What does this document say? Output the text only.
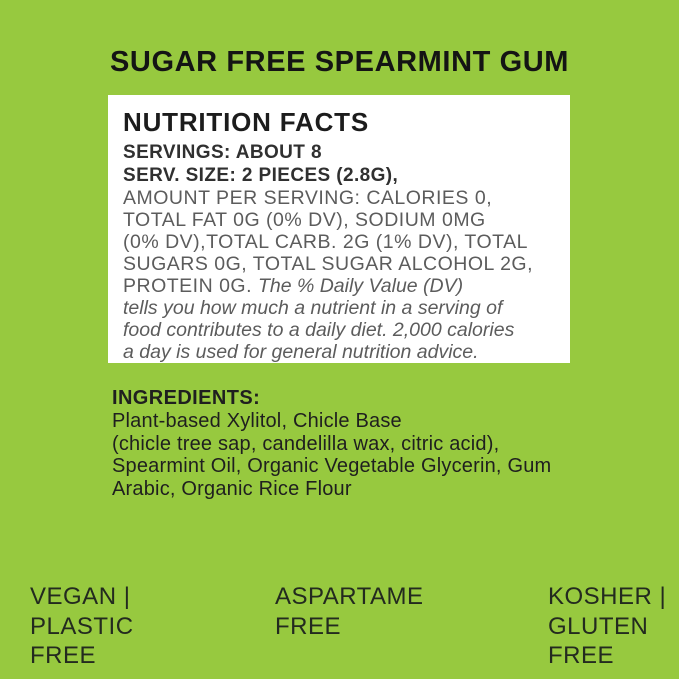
SUGAR FREE SPEARMINT GUM
NUTRITION FACTS
SERVINGS: ABOUT 8
SERV. SIZE: 2 PIECES (2.8G),
AMOUNT PER SERVING: CALORIES 0,
TOTAL FAT 0G (0% DV), SODIUM 0MG
(0% DV),TOTAL CARB. 2G (1% DV), TOTAL
SUGARS 0G, TOTAL SUGAR ALCOHOL 2G,
PROTEIN 0G. The % Daily Value (DV)
tells you how much a nutrient in a serving of
food contributes to a daily diet. 2,000 calories
a day is used for general nutrition advice.
INGREDIENTS:
Plant-based Xylitol, Chicle Base
(chicle tree sap, candelilla wax, citric acid),
Spearmint Oil, Organic Vegetable Glycerin, Gum
Arabic, Organic Rice Flour
VEGAN |
PLASTIC
FREE
ASPARTAME
FREE
KOSHER |
GLUTEN
FREE
